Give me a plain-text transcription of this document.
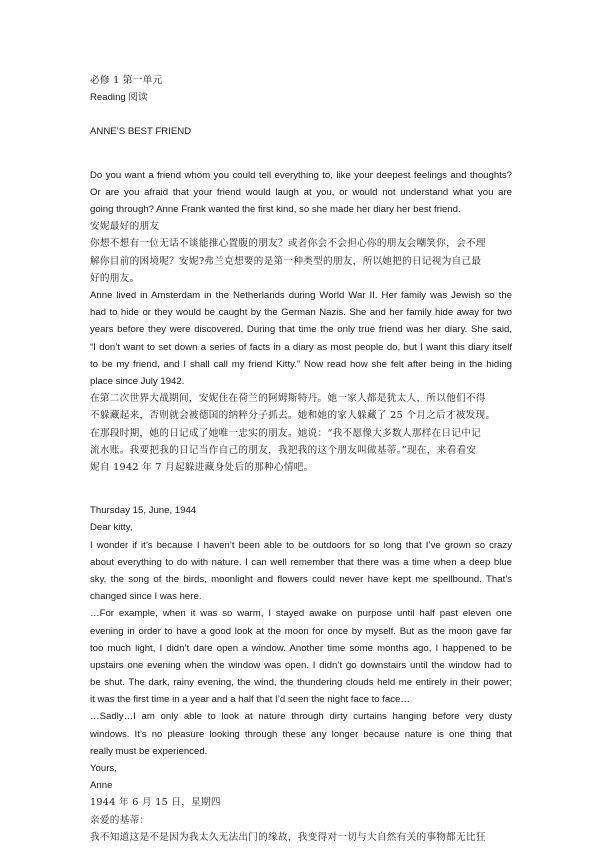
必修 1 第一单元
Reading 阅读
ANNE’S BEST FRIEND
Do you want a friend whom you could tell everything to, like your deepest feelings and thoughts?
Or are you afraid that your friend would laugh at you, or would not understand what you are
going through? Anne Frank wanted the first kind, so she made her diary her best friend.
安妮最好的朋友
你想不想有一位无话不谈能推心置腹的朋友？或者你会不会担心你的朋友会嘲笑你，会不理
解你目前的困境呢？安妮?弗兰克想要的是第一种类型的朋友，所以她把的日记视为自己最
好的朋友。
Anne lived in Amsterdam in the Netherlands during World War II. Her family was Jewish so the
had to hide or they would be caught by the German Nazis. She and her family hide away for two
years before they were discovered. During that time the only true friend was her diary. She said,
“I don’t want to set down a series of facts in a diary as most people do, but I want this diary itself
to be my friend, and I shall call my friend Kitty.” Now read how she felt after being in the hiding
place since July 1942.
在第二次世界大战期间，安妮住在荷兰的阿姆斯特丹。她一家人都是犹太人，所以他们不得
不躲藏起来，否则就会被德国的纳粹分子抓去。她和她的家人躲藏了 25 个月之后才被发现。
在那段时期，她的日记成了她唯一忠实的朋友。她说：“我不愿像大多数人那样在日记中记
流水账。我要把我的日记当作自己的朋友，我把我的这个朋友叫做基蒂。”现在，来看看安
妮自 1942 年 7 月起躲进藏身处后的那种心情吧。
Thursday 15, June, 1944
Dear kitty,
I wonder if it’s because I haven’t been able to be outdoors for so long that I’ve grown so crazy
about everything to do with nature. I can well remember that there was a time when a deep blue
sky, the song of the birds, moonlight and flowers could never have kept me spellbound. That’s
changed since I was here.
…For example, when it was so warm, I stayed awake on purpose until half past eleven one
evening in order to have a good look at the moon for once by myself. But as the moon gave far
too much light, I didn’t dare open a window. Another time some months ago, I happened to be
upstairs one evening when the window was open. I didn’t go downstairs until the window had to
be shut. The dark, rainy evening, the wind, the thundering clouds held me entirely in their power;
it was the first time in a year and a half that I’d seen the night face to face…
…Sadly…I am only able to look at nature through dirty curtains hanging before very dusty
windows. It’s no pleasure looking through these any longer because nature is one thing that
really must be experienced.
Yours,
Anne
1944 年 6 月 15 日，星期四
亲爱的基蒂：
我不知道这是不是因为我太久无法出门的缘故，我变得对一切与大自然有关的事物都无比狂
